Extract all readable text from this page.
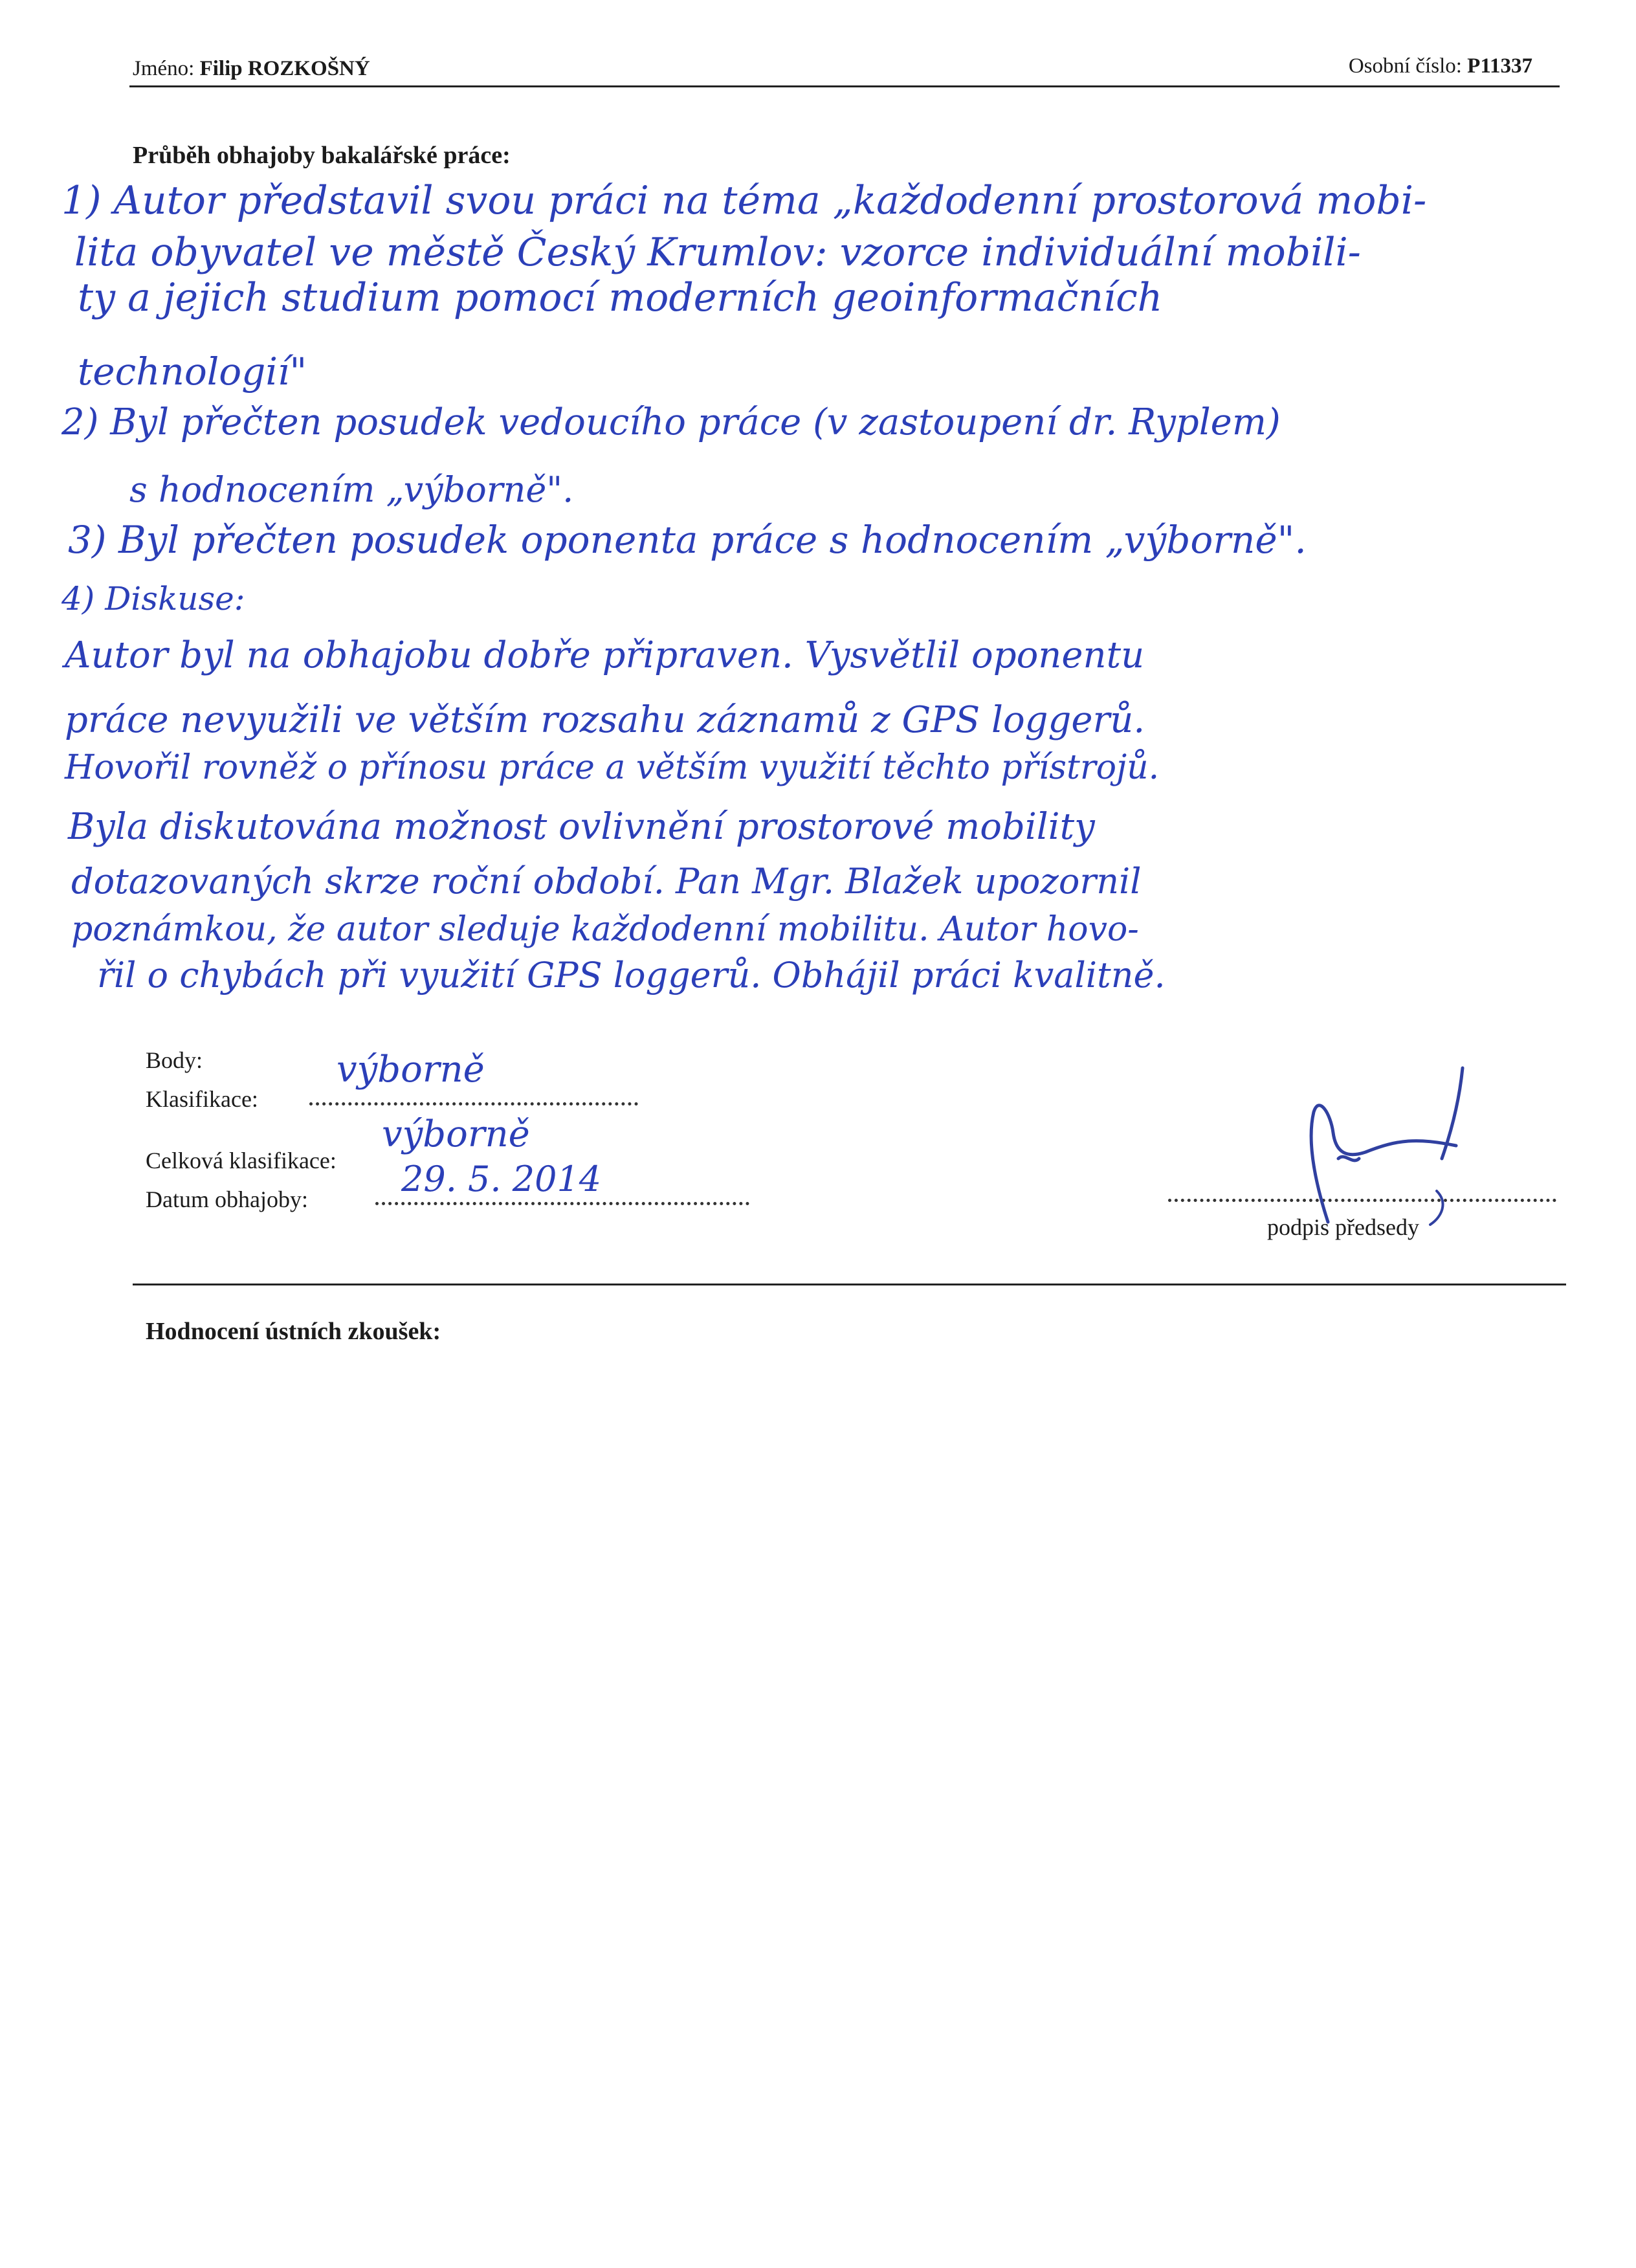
Jméno: Filip ROZKOŠNÝ	Osobní číslo: P11337
Průběh obhajoby bakalářské práce:
1) Autor představil svou práci na téma „každodenní prostorová mobi-
lita obyvatel ve městě Český Krumlov: vzorce individuální mobili-
ty a jejich studium pomocí moderních geoinformačních
technologií"
2) Byl přečten posudek vedoucího práce (v zastoupení dr. Ryplem)
s hodnocením „výborně".
3) Byl přečten posudek oponenta práce s hodnocením „výborně".
4) Diskuse:
Autor byl na obhajobu dobře připraven. Vysvětlil oponentu
práce nevyužili ve větším rozsahu záznamů z GPS loggerů.
Hovořil rovněž o přínosu práce a větším využití těchto přístrojů.
Byla diskutována možnost ovlivnění prostorové mobility
dotazovaných skrze roční období. Pan Mgr. Blažek upozornil
poznámkou, že autor sleduje každodenní mobilitu. Autor hovo-
řil o chybách při využití GPS loggerů. Obhájil práci kvalitně.
Body:
Klasifikace:
výborně
Celková klasifikace:
výborně
Datum obhajoby:	29. 5. 2014
podpis předsedy
Hodnocení ústních zkoušek:
